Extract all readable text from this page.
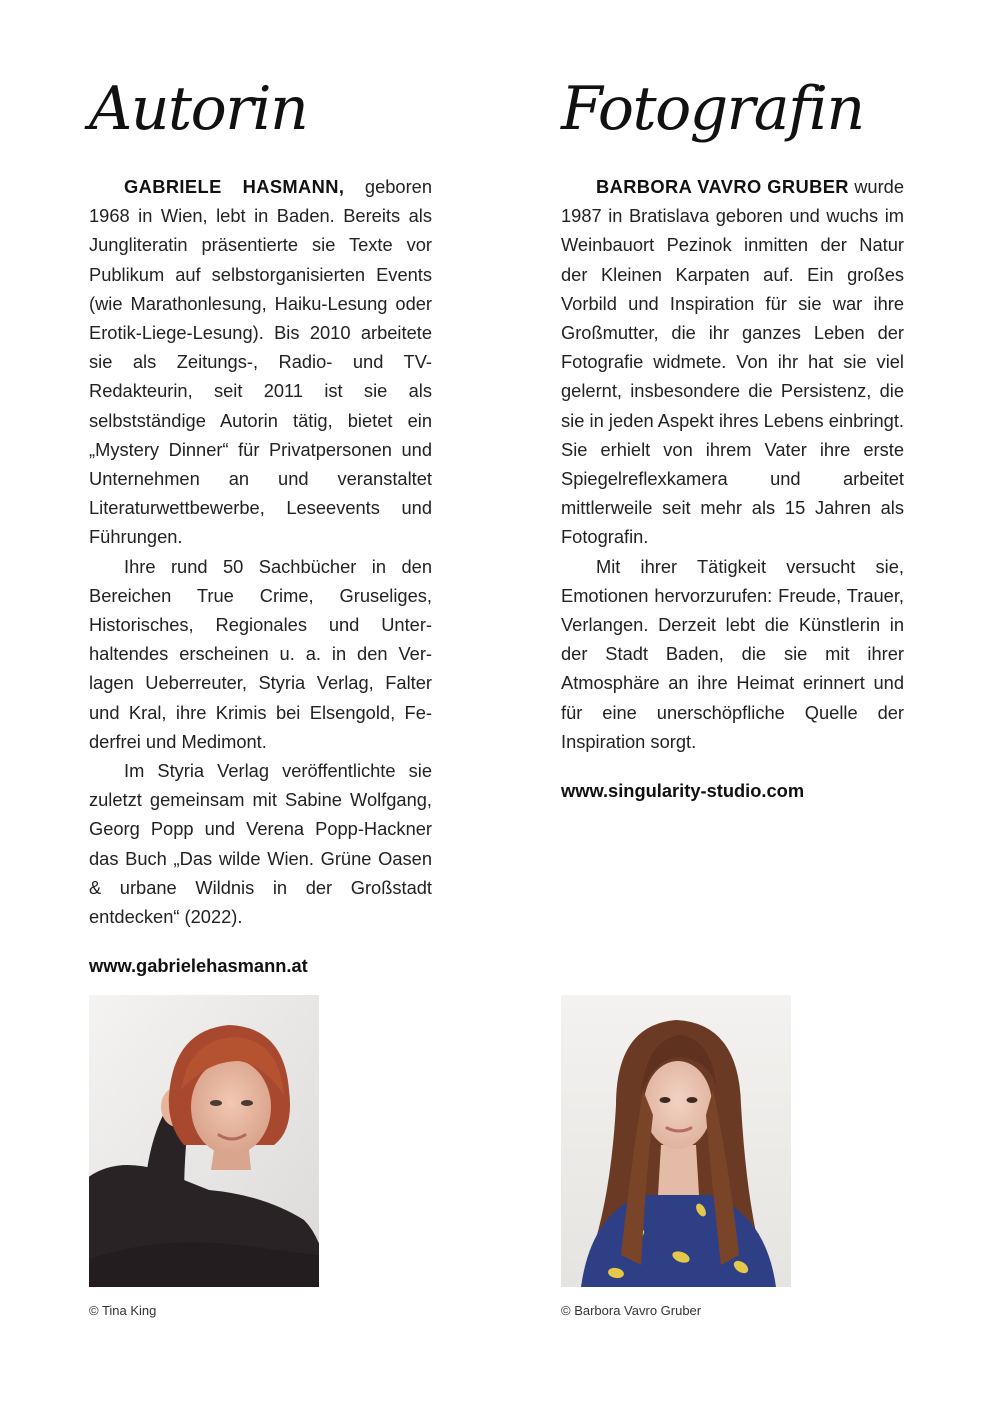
Autorin

GABRIELE HASMANN, geboren 1968 in Wien, lebt in Baden. Bereits als Jungliteratin präsentierte sie Texte vor Publikum auf selbstorganisierten Events (wie Marathonlesung, Haiku-Lesung oder Erotik-Liege-Lesung). Bis 2010 arbeitete sie als Zeitungs-, Radio- und TV-Redakteurin, seit 2011 ist sie als selbstständige Autorin tätig, bietet ein „Mystery Dinner“ für Privatpersonen und Unternehmen an und veranstaltet Literaturwettbewerbe, Leseevents und Führungen.

Ihre rund 50 Sachbücher in den Bereichen True Crime, Gruseliges, Historisches, Regionales und Unterhaltendes erscheinen u. a. in den Verlagen Ueberreuter, Styria Verlag, Falter und Kral, ihre Krimis bei Elsengold, Federfrei und Medimont.

Im Styria Verlag veröffentlichte sie zuletzt gemeinsam mit Sabine Wolfgang, Georg Popp und Verena Popp-Hackner das Buch „Das wilde Wien. Grüne Oasen & urbane Wildnis in der Großstadt entdecken“ (2022).

www.gabrielehasmann.at
© Tina King
Fotografin

BARBORA VAVRO GRUBER wurde 1987 in Bratislava geboren und wuchs im Weinbauort Pezinok inmitten der Natur der Kleinen Karpaten auf. Ein großes Vorbild und Inspiration für sie war ihre Großmutter, die ihr ganzes Leben der Fotografie widmete. Von ihr hat sie viel gelernt, insbesondere die Persistenz, die sie in jeden Aspekt ihres Lebens einbringt. Sie erhielt von ihrem Vater ihre erste Spiegelreflexkamera und arbeitet mittlerweile seit mehr als 15 Jahren als Fotografin.

Mit ihrer Tätigkeit versucht sie, Emotionen hervorzurufen: Freude, Trauer, Verlangen. Derzeit lebt die Künstlerin in der Stadt Baden, die sie mit ihrer Atmosphäre an ihre Heimat erinnert und für eine unerschöpfliche Quelle der Inspiration sorgt.

www.singularity-studio.com
© Barbora Vavro Gruber
